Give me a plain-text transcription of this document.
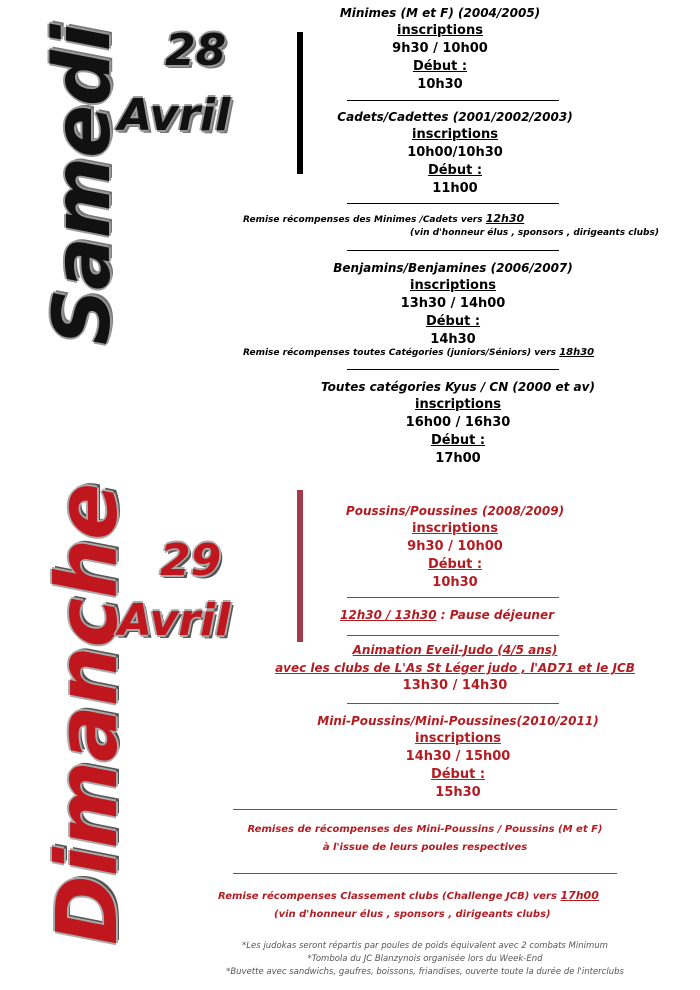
Samedi 28
Avril
Minimes (M et F) (2004/2005)
inscriptions
9h30 / 10h00
Début :
10h30
Cadets/Cadettes (2001/2002/2003)
inscriptions
10h00/10h30
Début :
11h00
Remise récompenses des Minimes /Cadets vers 12h30
(vin d'honneur élus , sponsors , dirigeants clubs)
Benjamins/Benjamines (2006/2007)
inscriptions
13h30 / 14h00
Début :
14h30
Remise récompenses toutes Catégories (juniors/Séniors) vers 18h30
Toutes catégories Kyus / CN (2000 et av)
inscriptions
16h00 / 16h30
Début :
17h00
Dimanche 29
Avril
Poussins/Poussines (2008/2009)
inscriptions
9h30 / 10h00
Début :
10h30
12h30 / 13h30 : Pause déjeuner
Animation Eveil-Judo (4/5 ans)
avec les clubs de L'As St Léger judo , l'AD71 et le JCB
13h30 / 14h30
Mini-Poussins/Mini-Poussines(2010/2011)
inscriptions
14h30 / 15h00
Début :
15h30
Remises de récompenses des Mini-Poussins / Poussins (M et F)
à l'issue de leurs poules respectives
Remise récompenses Classement clubs (Challenge JCB) vers 17h00
(vin d'honneur élus , sponsors , dirigeants clubs)
*Les judokas seront répartis par poules de poids équivalent avec 2 combats Minimum
*Tombola du JC Blanzynois organisée lors du Week-End
*Buvette avec sandwichs, gaufres, boissons, friandises, ouverte toute la durée de l'interclubs
